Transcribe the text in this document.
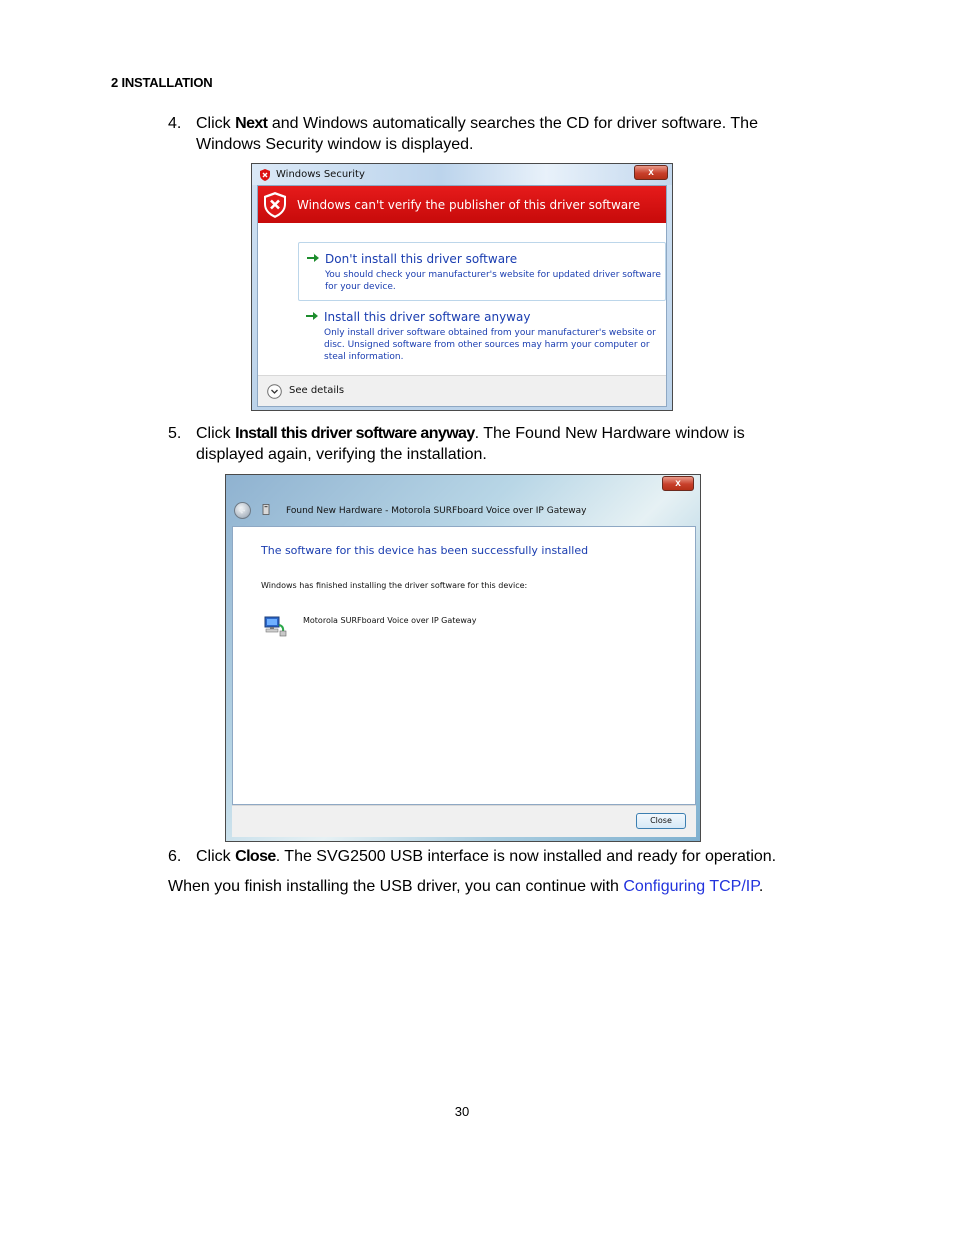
2 INSTALLATION
4. Click Next and Windows automatically searches the CD for driver software. The Windows Security window is displayed.
Windows Security	x
Windows can't verify the publisher of this driver software
Don't install this driver software
You should check your manufacturer's website for updated driver software for your device.
Install this driver software anyway
Only install driver software obtained from your manufacturer's website or disc. Unsigned software from other sources may harm your computer or steal information.
See details
5. Click Install this driver software anyway. The Found New Hardware window is displayed again, verifying the installation.
x
Found New Hardware - Motorola SURFboard Voice over IP Gateway
The software for this device has been successfully installed
Windows has finished installing the driver software for this device:
Motorola SURFboard Voice over IP Gateway
Close
6. Click Close. The SVG2500 USB interface is now installed and ready for operation.
When you finish installing the USB driver, you can continue with Configuring TCP/IP.
30
